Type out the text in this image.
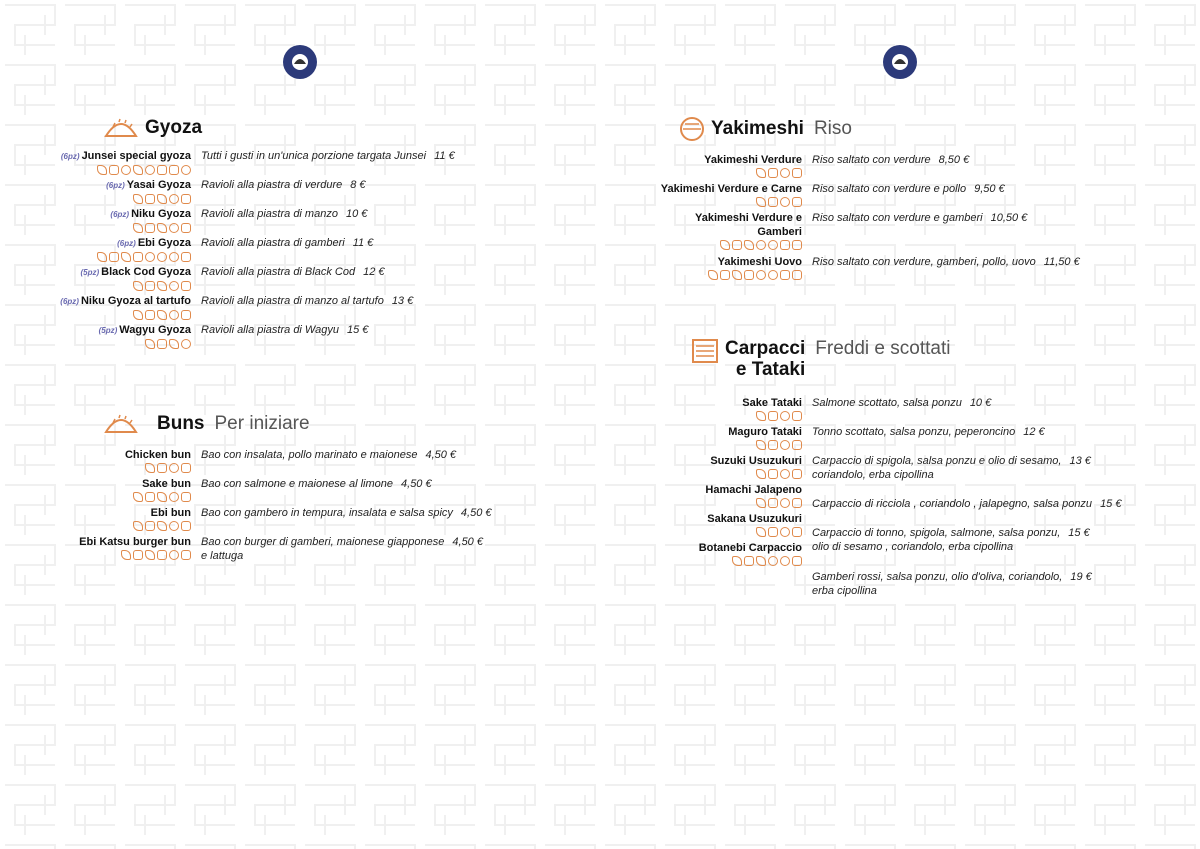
Gyoza
(6pz) Junsei special gyoza Tutti i gusti in un'unica porzione targata Junsei 11 €
(6pz) Yasai Gyoza Ravioli alla piastra di verdure 8 €
(6pz) Niku Gyoza Ravioli alla piastra di manzo 10 €
(6pz) Ebi Gyoza Ravioli alla piastra di gamberi 11 €
(5pz) Black Cod Gyoza Ravioli alla piastra di Black Cod 12 €
(6pz) Niku Gyoza al tartufo Ravioli alla piastra di manzo al tartufo 13 €
(5pz) Wagyu Gyoza Ravioli alla piastra di Wagyu 15 €
Buns Per iniziare
Chicken bun Bao con insalata, pollo marinato e maionese 4,50 €
Sake bun Bao con salmone e maionese al limone 4,50 €
Ebi bun Bao con gambero in tempura, insalata e salsa spicy 4,50 €
Ebi Katsu burger bun Bao con burger di gamberi, maionese giapponese 4,50 €
e lattuga
Yakimeshi Riso
Yakimeshi Verdure Riso saltato con verdure 8,50 €
Yakimeshi Verdure e Carne Riso saltato con verdure e pollo 9,50 €
Yakimeshi Verdure e
Gamberi
Riso saltato con verdure e gamberi 10,50 €
Yakimeshi Uovo Riso saltato con verdure, gamberi, pollo, uovo 11,50 €
Carpacci
e Tataki
Freddi e scottati
Sake Tataki
Maguro Tataki
Suzuki Usuzukuri
Hamachi Jalapeno
Sakana Usuzukuri
Botanebi Carpaccio
Salmone scottato, salsa ponzu 10 €
Tonno scottato, salsa ponzu, peperoncino 12 €
Carpaccio di spigola, salsa ponzu e olio di sesamo, 13 €
coriandolo, erba cipollina
Carpaccio di ricciola , coriandolo , jalapegno, salsa ponzu 15 €
Carpaccio di tonno, spigola, salmone, salsa ponzu, 15 €
olio di sesamo , coriandolo, erba cipollina
Gamberi rossi, salsa ponzu, olio d'oliva, coriandolo, 19 €
erba cipollina
